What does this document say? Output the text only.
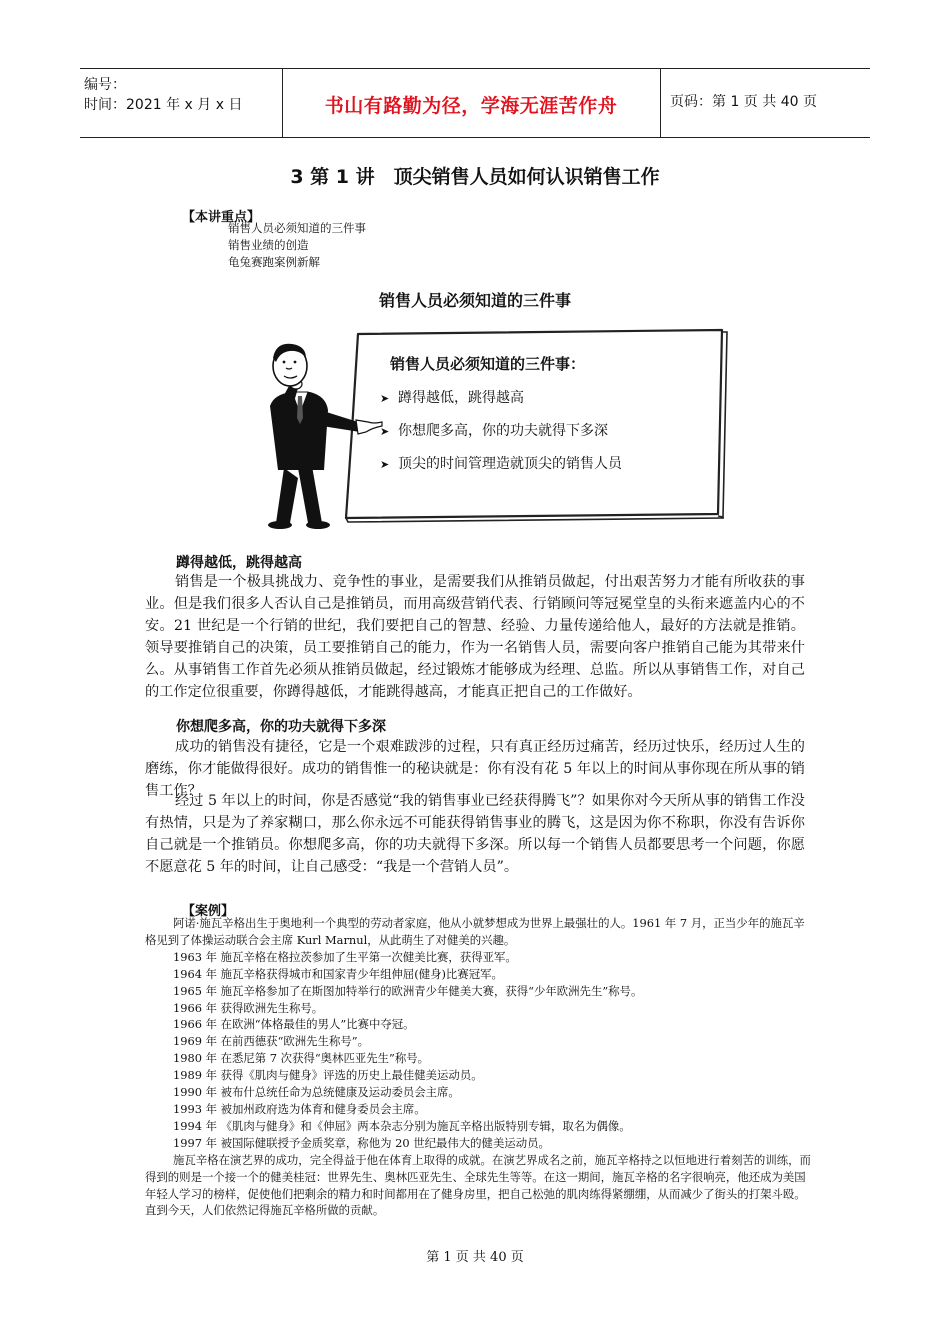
编号：
时间：2021 年 x 月 x 日	书山有路勤为径，学海无涯苦作舟	页码：第 1 页 共 40 页
3 第 1 讲　顶尖销售人员如何认识销售工作
【本讲重点】
销售人员必须知道的三件事
销售业绩的创造
龟兔赛跑案例新解
销售人员必须知道的三件事
销售人员必须知道的三件事：
➤ 蹲得越低，跳得越高
➤ 你想爬多高，你的功夫就得下多深
➤ 顶尖的时间管理造就顶尖的销售人员
蹲得越低，跳得越高
销售是一个极具挑战力、竞争性的事业，是需要我们从推销员做起，付出艰苦努力才能有所收获的事业。但是我们很多人否认自己是推销员，而用高级营销代表、行销顾问等冠冕堂皇的头衔来遮盖内心的不安。21 世纪是一个行销的世纪，我们要把自己的智慧、经验、力量传递给他人，最好的方法就是推销。领导要推销自己的决策，员工要推销自己的能力，作为一名销售人员，需要向客户推销自己能为其带来什么。从事销售工作首先必须从推销员做起，经过锻炼才能够成为经理、总监。所以从事销售工作，对自己的工作定位很重要，你蹲得越低，才能跳得越高，才能真正把自己的工作做好。
你想爬多高，你的功夫就得下多深
成功的销售没有捷径，它是一个艰难跋涉的过程，只有真正经历过痛苦，经历过快乐，经历过人生的磨练，你才能做得很好。成功的销售惟一的秘诀就是：你有没有花 5 年以上的时间从事你现在所从事的销售工作？
经过 5 年以上的时间，你是否感觉“我的销售事业已经获得腾飞”？如果你对今天所从事的销售工作没有热情，只是为了养家糊口，那么你永远不可能获得销售事业的腾飞，这是因为你不称职，你没有告诉你自己就是一个推销员。你想爬多高，你的功夫就得下多深。所以每一个销售人员都要思考一个问题，你愿不愿意花 5 年的时间，让自己感受：“我是一个营销人员”。
【案例】

阿诺·施瓦辛格出生于奥地利一个典型的劳动者家庭，他从小就梦想成为世界上最强壮的人。1961 年 7 月，正当少年的施瓦辛格见到了体操运动联合会主席 Kurl Marnul，从此萌生了对健美的兴趣。

1963 年 施瓦辛格在格拉茨参加了生平第一次健美比赛，获得亚军。

1964 年 施瓦辛格获得城市和国家青少年组伸屈(健身)比赛冠军。

1965 年 施瓦辛格参加了在斯图加特举行的欧洲青少年健美大赛，获得“少年欧洲先生”称号。

1966 年 获得欧洲先生称号。

1966 年 在欧洲“体格最佳的男人”比赛中夺冠。

1969 年 在前西德获“欧洲先生称号”。

1980 年 在悉尼第 7 次获得“奥林匹亚先生”称号。

1989 年 获得《肌肉与健身》评选的历史上最佳健美运动员。

1990 年 被布什总统任命为总统健康及运动委员会主席。

1993 年 被加州政府选为体育和健身委员会主席。

1994 年 《肌肉与健身》和《伸屈》两本杂志分别为施瓦辛格出版特别专辑，取名为偶像。

1997 年 被国际健联授予金质奖章，称他为 20 世纪最伟大的健美运动员。

施瓦辛格在演艺界的成功，完全得益于他在体育上取得的成就。在演艺界成名之前，施瓦辛格持之以恒地进行着刻苦的训练，而得到的则是一个接一个的健美桂冠：世界先生、奥林匹亚先生、全球先生等等。在这一期间，施瓦辛格的名字很响亮，他还成为美国年轻人学习的榜样，促使他们把剩余的精力和时间都用在了健身房里，把自己松弛的肌肉练得紧绷绷，从而减少了街头的打架斗殴。直到今天，人们依然记得施瓦辛格所做的贡献。

第 1 页 共 40 页
